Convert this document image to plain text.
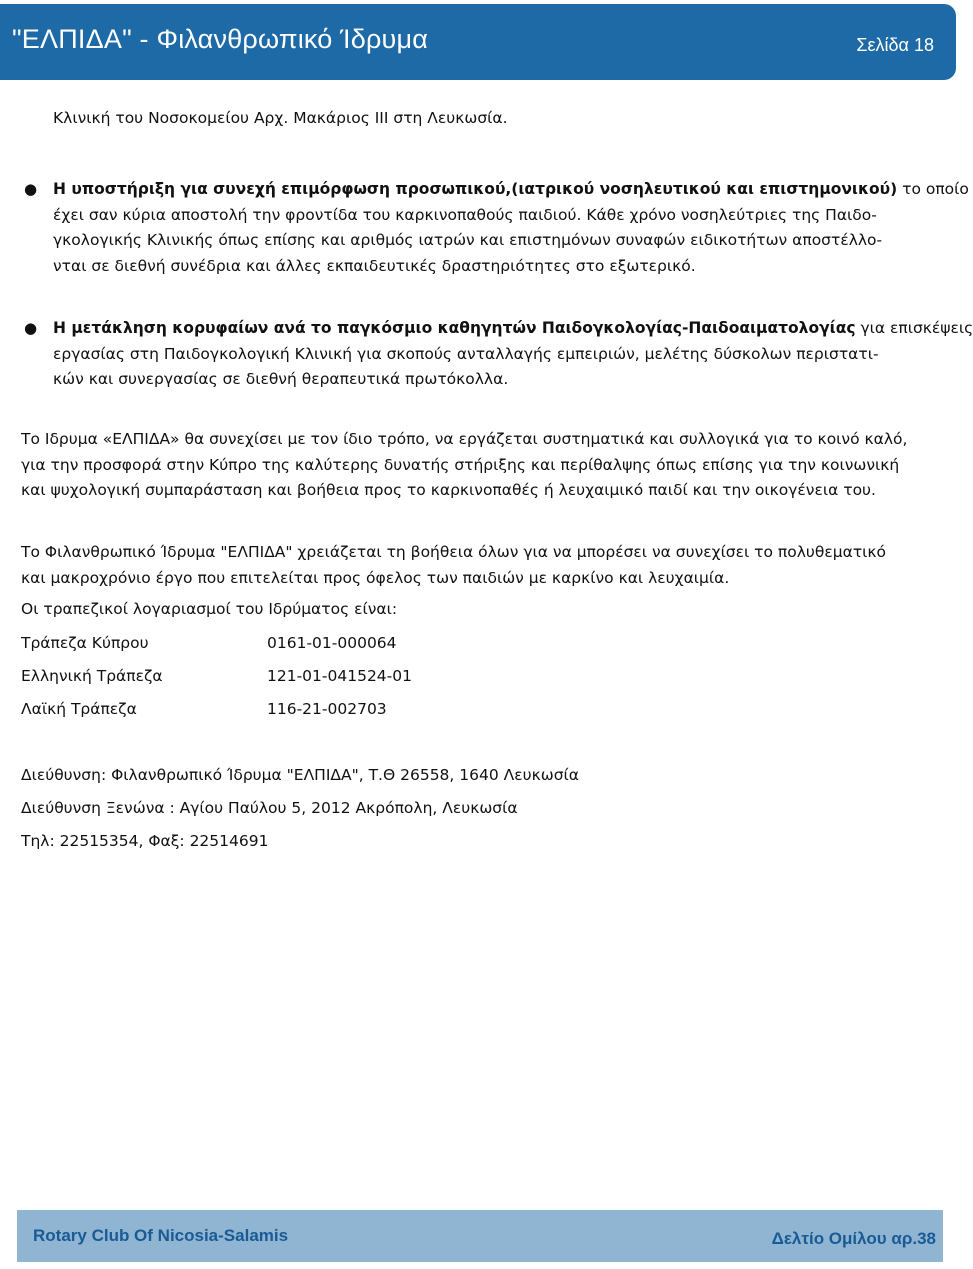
"ΕΛΠΙΔΑ" - Φιλανθρωπικό Ίδρυμα	Σελίδα 18
Κλινική του Νοσοκομείου Αρχ. Μακάριος ΙΙΙ στη Λευκωσία.
● Η υποστήριξη για συνεχή επιμόρφωση προσωπικού,(ιατρικού νοσηλευτικού και επιστημονικού) το οποίο
έχει σαν κύρια αποστολή την φροντίδα του καρκινοπαθούς παιδιού. Κάθε χρόνο νοσηλεύτριες της Παιδο-
γκολογικής Κλινικής όπως επίσης και αριθμός ιατρών και επιστημόνων συναφών ειδικοτήτων αποστέλλο-
νται σε διεθνή συνέδρια και άλλες εκπαιδευτικές δραστηριότητες στο εξωτερικό.
● Η μετάκληση κορυφαίων ανά το παγκόσμιο καθηγητών Παιδογκολογίας-Παιδοαιματολογίας για επισκέψεις
εργασίας στη Παιδογκολογική Κλινική για σκοπούς ανταλλαγής εμπειριών, μελέτης δύσκολων περιστατι-
κών και συνεργασίας σε διεθνή θεραπευτικά πρωτόκολλα.
Το Ιδρυμα «ΕΛΠΙΔΑ» θα συνεχίσει με τον ίδιο τρόπο, να εργάζεται συστηματικά και συλλογικά για το κοινό καλό,
για την προσφορά στην Κύπρο της καλύτερης δυνατής στήριξης και περίθαλψης όπως επίσης για την κοινωνική
και ψυχολογική συμπαράσταση και βοήθεια προς το καρκινοπαθές ή λευχαιμικό παιδί και την οικογένεια του.
Το Φιλανθρωπικό Ίδρυμα "ΕΛΠΙΔΑ" χρειάζεται τη βοήθεια όλων για να μπορέσει να συνεχίσει το πολυθεματικό
και μακροχρόνιο έργο που επιτελείται προς όφελος των παιδιών με καρκίνο και λευχαιμία.
Οι τραπεζικοί λογαριασμοί του Ιδρύματος είναι:
Τράπεζα Κύπρου	0161-01-000064
Ελληνική Τράπεζα	121-01-041524-01
Λαϊκή Τράπεζα	116-21-002703
Διεύθυνση: Φιλανθρωπικό Ίδρυμα "ΕΛΠΙΔΑ", Τ.Θ 26558, 1640 Λευκωσία
Διεύθυνση Ξενώνα : Αγίου Παύλου 5, 2012 Ακρόπολη, Λευκωσία
Τηλ: 22515354, Φαξ: 22514691
Rotary Club Of Nicosia-Salamis	Δελτίο Ομίλου αρ.38
